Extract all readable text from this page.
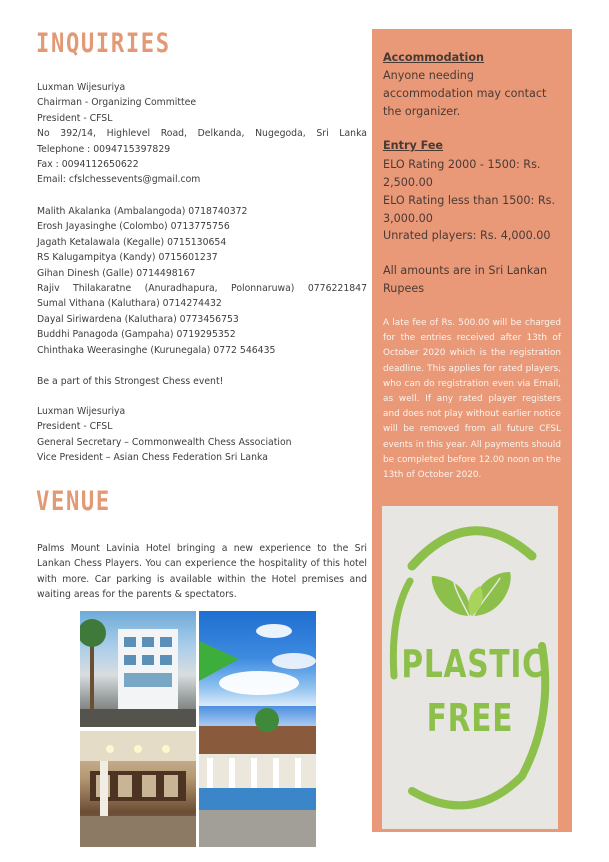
INQUIRIES
Luxman Wijesuriya
Chairman - Organizing Committee
President - CFSL
No 392/14, Highlevel Road, Delkanda, Nugegoda, Sri Lanka
Telephone : 0094715397829
Fax : 0094112650622
Email: cfslchessevents@gmail.com
Malith Akalanka (Ambalangoda) 0718740372
Erosh Jayasinghe (Colombo) 0713775756
Jagath Ketalawala (Kegalle) 0715130654
RS Kalugampitya (Kandy) 0715601237
Gihan Dinesh (Galle) 0714498167
Rajiv Thilakaratne (Anuradhapura, Polonnaruwa) 0776221847
Sumal Vithana (Kaluthara) 0714274432
Dayal Siriwardena (Kaluthara) 0773456753
Buddhi Panagoda (Gampaha) 0719295352
Chinthaka Weerasinghe (Kurunegala) 0772 546435
Be a part of this Strongest Chess event!
Luxman Wijesuriya
President - CFSL
General Secretary – Commonwealth Chess Association
Vice President – Asian Chess Federation Sri Lanka
VENUE
Palms Mount Lavinia Hotel bringing a new experience to the Sri Lankan Chess Players. You can experience the hospitality of this hotel with more. Car parking is available within the Hotel premises and waiting areas for the parents & spectators.
Accommodation
Anyone needing accommodation may contact the organizer.
Entry Fee
ELO Rating 2000 - 1500: Rs. 2,500.00
ELO Rating less than 1500: Rs. 3,000.00
Unrated players: Rs. 4,000.00
All amounts are in Sri Lankan Rupees
A late fee of Rs. 500.00 will be charged for the entries received after 13th of October 2020 which is the registration deadline. This applies for rated players, who can do registration even via Email, as well. If any rated player registers and does not play without earlier notice will be removed from all future CFSL events in this year. All payments should be completed before 12.00 noon on the 13th of October 2020.
PLASTIC
FREE
